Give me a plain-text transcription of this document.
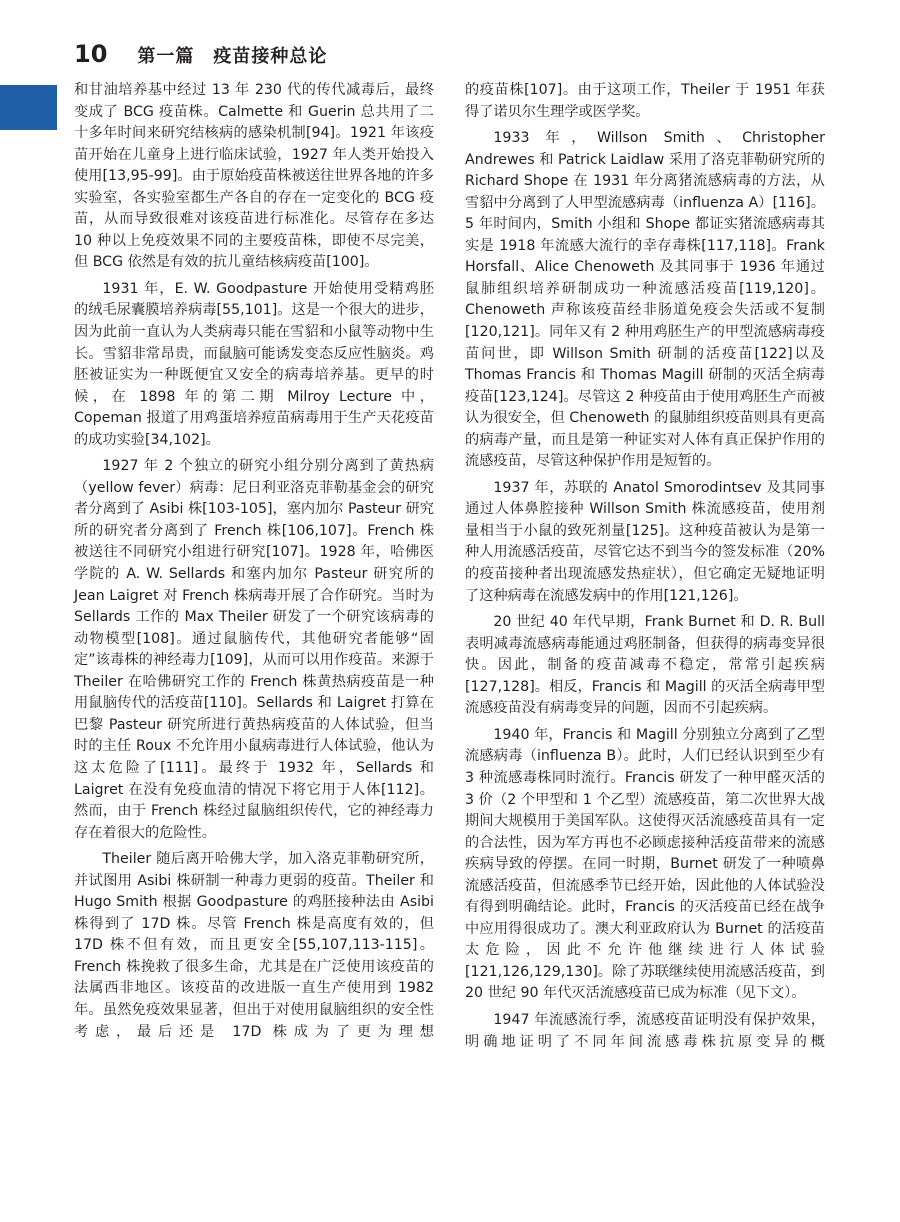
10 第一篇　疫苗接种总论

和甘油培养基中经过 13 年 230 代的传代减毒后，最终变成了 BCG 疫苗株。Calmette 和 Guerin 总共用了二十多年时间来研究结核病的感染机制[94]。1921 年该疫苗开始在儿童身上进行临床试验，1927 年人类开始投入使用[13,95-99]。由于原始疫苗株被送往世界各地的许多实验室，各实验室都生产各自的存在一定变化的 BCG 疫苗，从而导致很难对该疫苗进行标准化。尽管存在多达 10 种以上免疫效果不同的主要疫苗株，即使不尽完美，但 BCG 依然是有效的抗儿童结核病疫苗[100]。

1931 年，E. W. Goodpasture 开始使用受精鸡胚的绒毛尿囊膜培养病毒[55,101]。这是一个很大的进步，因为此前一直认为人类病毒只能在雪貂和小鼠等动物中生长。雪貂非常昂贵，而鼠脑可能诱发变态反应性脑炎。鸡胚被证实为一种既便宜又安全的病毒培养基。更早的时候，在 1898 年的第二期 Milroy Lecture 中，Copeman 报道了用鸡蛋培养痘苗病毒用于生产天花疫苗的成功实验[34,102]。

1927 年 2 个独立的研究小组分别分离到了黄热病（yellow fever）病毒：尼日利亚洛克菲勒基金会的研究者分离到了 Asibi 株[103-105]，塞内加尔 Pasteur 研究所的研究者分离到了 French 株[106,107]。French 株被送往不同研究小组进行研究[107]。1928 年，哈佛医学院的 A. W. Sellards 和塞内加尔 Pasteur 研究所的 Jean Laigret 对 French 株病毒开展了合作研究。当时为 Sellards 工作的 Max Theiler 研发了一个研究该病毒的动物模型[108]。通过鼠脑传代，其他研究者能够“固定”该毒株的神经毒力[109]，从而可以用作疫苗。来源于 Theiler 在哈佛研究工作的 French 株黄热病疫苗是一种用鼠脑传代的活疫苗[110]。Sellards 和 Laigret 打算在巴黎 Pasteur 研究所进行黄热病疫苗的人体试验，但当时的主任 Roux 不允许用小鼠病毒进行人体试验，他认为这太危险了[111]。最终于 1932 年，Sellards 和 Laigret 在没有免疫血清的情况下将它用于人体[112]。然而，由于 French 株经过鼠脑组织传代，它的神经毒力存在着很大的危险性。

Theiler 随后离开哈佛大学，加入洛克菲勒研究所，并试图用 Asibi 株研制一种毒力更弱的疫苗。Theiler 和 Hugo Smith 根据 Goodpasture 的鸡胚接种法由 Asibi 株得到了 17D 株。尽管 French 株是高度有效的，但 17D 株不但有效，而且更安全[55,107,113-115]。French 株挽救了很多生命，尤其是在广泛使用该疫苗的法属西非地区。该疫苗的改进版一直生产使用到 1982 年。虽然免疫效果显著，但出于对使用鼠脑组织的安全性考虑，最后还是 17D 株成为了更为理想

的疫苗株[107]。由于这项工作，Theiler 于 1951 年获得了诺贝尔生理学或医学奖。

1933 年，Willson Smith、Christopher Andrewes 和 Patrick Laidlaw 采用了洛克菲勒研究所的 Richard Shope 在 1931 年分离猪流感病毒的方法，从雪貂中分离到了人甲型流感病毒（influenza A）[116]。5 年时间内，Smith 小组和 Shope 都证实猪流感病毒其实是 1918 年流感大流行的幸存毒株[117,118]。Frank Horsfall、Alice Chenoweth 及其同事于 1936 年通过鼠肺组织培养研制成功一种流感活疫苗[119,120]。Chenoweth 声称该疫苗经非肠道免疫会失活或不复制[120,121]。同年又有 2 种用鸡胚生产的甲型流感病毒疫苗问世，即 Willson Smith 研制的活疫苗[122]以及 Thomas Francis 和 Thomas Magill 研制的灭活全病毒疫苗[123,124]。尽管这 2 种疫苗由于使用鸡胚生产而被认为很安全，但 Chenoweth 的鼠肺组织疫苗则具有更高的病毒产量，而且是第一种证实对人体有真正保护作用的流感疫苗，尽管这种保护作用是短暂的。

1937 年，苏联的 Anatol Smorodintsev 及其同事通过人体鼻腔接种 Willson Smith 株流感疫苗，使用剂量相当于小鼠的致死剂量[125]。这种疫苗被认为是第一种人用流感活疫苗，尽管它达不到当今的签发标准（20% 的疫苗接种者出现流感发热症状），但它确定无疑地证明了这种病毒在流感发病中的作用[121,126]。

20 世纪 40 年代早期，Frank Burnet 和 D. R. Bull 表明减毒流感病毒能通过鸡胚制备，但获得的病毒变异很快。因此，制备的疫苗减毒不稳定，常常引起疾病[127,128]。相反，Francis 和 Magill 的灭活全病毒甲型流感疫苗没有病毒变异的问题，因而不引起疾病。

1940 年，Francis 和 Magill 分别独立分离到了乙型流感病毒（influenza B）。此时，人们已经认识到至少有 3 种流感毒株同时流行。Francis 研发了一种甲醛灭活的 3 价（2 个甲型和 1 个乙型）流感疫苗，第二次世界大战期间大规模用于美国军队。这使得灭活流感疫苗具有一定的合法性，因为军方再也不必顾虑接种活疫苗带来的流感疾病导致的停摆。在同一时期，Burnet 研发了一种喷鼻流感活疫苗，但流感季节已经开始，因此他的人体试验没有得到明确结论。此时，Francis 的灭活疫苗已经在战争中应用得很成功了。澳大利亚政府认为 Burnet 的活疫苗太危险，因此不允许他继续进行人体试验[121,126,129,130]。除了苏联继续使用流感活疫苗，到 20 世纪 90 年代灭活流感疫苗已成为标准（见下文）。

1947 年流感流行季，流感疫苗证明没有保护效果，明确地证明了不同年间流感毒株抗原变异的概
